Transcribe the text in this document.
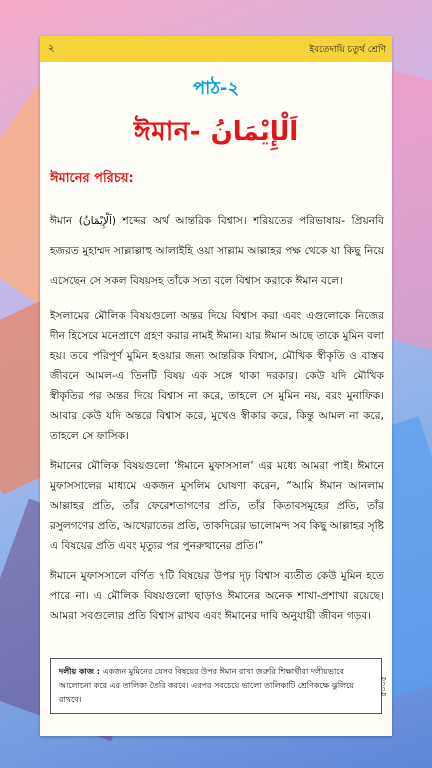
২	ইবতেদায়ি চতুর্থ শ্রেণি
পাঠ-২
ঈমান- اَلْإِيْمَانُ
ঈমানের পরিচয়:

ঈমান (اَلْإِيْمَانُ) শব্দের অর্থ আন্তরিক বিশ্বাস। শরিয়তের পরিভাষায়- প্রিয়নবি হজরত মুহাম্মদ সাল্লাল্লাহু আলাইহি ওয়া সাল্লাম আল্লাহর পক্ষ থেকে যা কিছু নিয়ে এসেছেন সে সকল বিষয়সহ তাঁকে সত্য বলে বিশ্বাস করাকে ঈমান বলে।

ইসলামের মৌলিক বিষয়গুলো অন্তর দিয়ে বিশ্বাস করা এবং এগুলোকে নিজের দীন হিসেবে মনেপ্রাণে গ্রহণ করার নামই ঈমান। যার ঈমান আছে তাকে মুমিন বলা হয়। তবে পরিপূর্ণ মুমিন হওয়ার জন্য আন্তরিক বিশ্বাস, মৌখিক স্বীকৃতি ও বাস্তব জীবনে আমল-এ তিনটি বিষয় এক সঙ্গে থাকা দরকার। কেউ যদি মৌখিক স্বীকৃতির পর অন্তর দিয়ে বিশ্বাস না করে, তাহলে সে মুমিন নয়, বরং মুনাফিক। আবার কেউ যদি অন্তরে বিশ্বাস করে, মুখেও স্বীকার করে, কিন্তু আমল না করে, তাহলে সে ফাসিক।

ঈমানের মৌলিক বিষয়গুলো ‘ঈমানে মুফাসসাল’ এর মধ্যে আমরা পাই। ঈমানে মুফাসসালের মাধ্যমে একজন মুসলিম ঘোষণা করেন, “আমি ঈমান আনলাম আল্লাহর প্রতি, তাঁর ফেরেশতাগণের প্রতি, তাঁর কিতাবসমূহের প্রতি, তাঁর রসুলগণের প্রতি, আখেরাতের প্রতি, তাকদিরের ভালোমন্দ সব কিছু আল্লাহর সৃষ্টি এ বিষয়ের প্রতি এবং মৃত্যুর পর পুনরুত্থানের প্রতি।”

ঈমানে মুফাসসালে বর্ণিত ৭টি বিষয়ের উপর দৃঢ় বিশ্বাস ব্যতীত কেউ মুমিন হতে পারে না। এ মৌলিক বিষয়গুলো ছাড়াও ঈমানের অনেক শাখা-প্রশাখা রয়েছে। আমরা সবগুলোর প্রতি বিশ্বাস রাখব এবং ঈমানের দাবি অনুযায়ী জীবন গড়ব।

দলীয় কাজ : একজন মুমিনের যেসব বিষয়ের উপর ঈমান রাখা জরুরি শিক্ষার্থীরা দলীয়ভাবে আলোচনা করে এর তালিকা তৈরি করবে। এরপর সবচেয়ে ভালো তালিকাটি শ্রেণিকক্ষে ঝুলিয়ে রাখবে।
৫০০৫
